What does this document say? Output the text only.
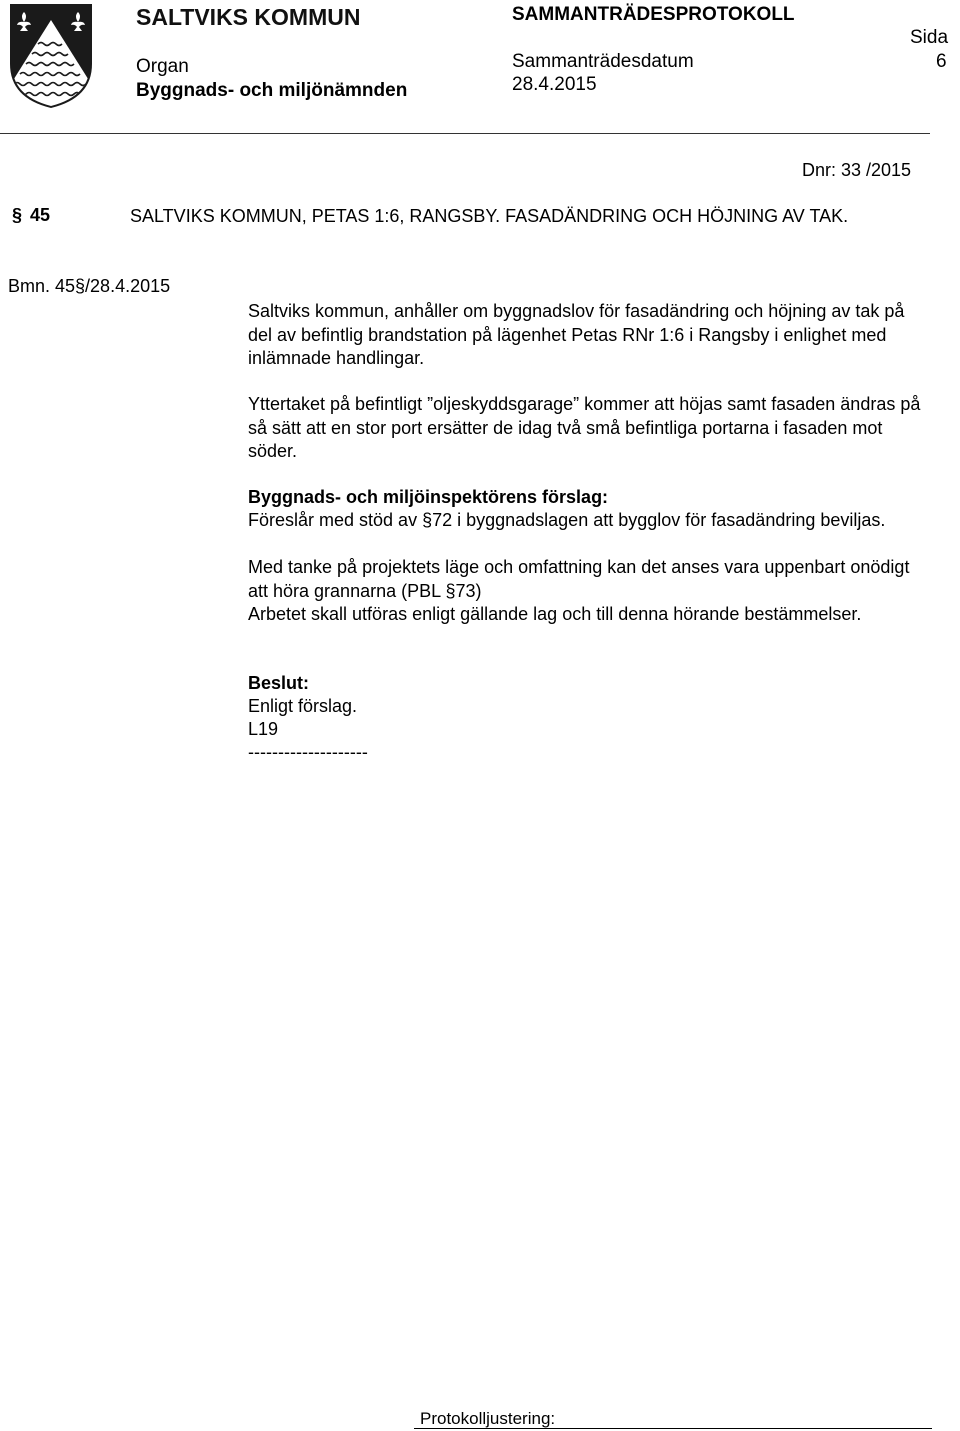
SALTVIKS KOMMUN
Organ
Byggnads- och miljönämnden
SAMMANTRÄDESPROTOKOLL
Sammanträdesdatum
28.4.2015
Sida
6
Dnr: 33 /2015
§ 45	SALTVIKS KOMMUN, PETAS 1:6, RANGSBY. FASADÄNDRING OCH HÖJNING AV TAK.
Bmn. 45§/28.4.2015

Saltviks kommun, anhåller om byggnadslov för fasadändring och höjning av tak på del av befintlig brandstation på lägenhet Petas RNr 1:6 i Rangsby i enlighet med inlämnade handlingar.

Yttertaket på befintligt ”oljeskyddsgarage” kommer att höjas samt fasaden ändras på så sätt att en stor port ersätter de idag två små befintliga portarna i fasaden mot söder.

Byggnads- och miljöinspektörens förslag:

Föreslår med stöd av §72 i byggnadslagen att bygglov för fasadändring beviljas.

Med tanke på projektets läge och omfattning kan det anses vara uppenbart onödigt att höra grannarna (PBL §73)

Arbetet skall utföras enligt gällande lag och till denna hörande bestämmelser.

Beslut:
Enligt förslag.
L19
--------------------
Protokolljustering:
